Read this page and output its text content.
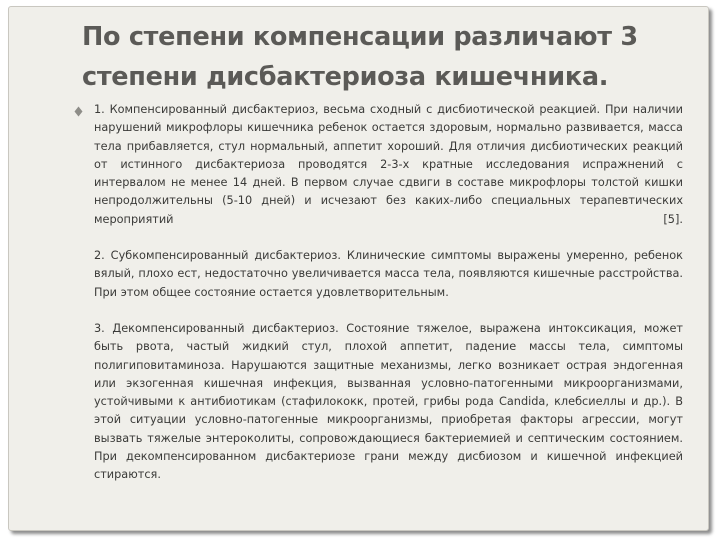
По степени компенсации различают 3 степени дисбактериоза кишечника.

1. Компенсированный дисбактериоз, весьма сходный с дисбиотической реакцией. При наличии нарушений микрофлоры кишечника ребенок остается здоровым, нормально развивается, масса тела прибавляется, стул нормальный, аппетит хороший. Для отличия дисбиотических реакций от истинного дисбактериоза проводятся 2-3-х кратные исследования испражнений с интервалом не менее 14 дней. В первом случае сдвиги в составе микрофлоры толстой кишки непродолжительны (5-10 дней) и исчезают без каких-либо специальных терапевтических мероприятий [5].

2. Субкомпенсированный дисбактериоз. Клинические симптомы выражены умеренно, ребенок вялый, плохо ест, недостаточно увеличивается масса тела, появляются кишечные расстройства. При этом общее состояние остается удовлетворительным.

3. Декомпенсированный дисбактериоз. Состояние тяжелое, выражена интоксикация, может быть рвота, частый жидкий стул, плохой аппетит, падение массы тела, симптомы полигиповитаминоза. Нарушаются защитные механизмы, легко возникает острая эндогенная или экзогенная кишечная инфекция, вызванная условно-патогенными микроорганизмами, устойчивыми к антибиотикам (стафилококк, протей, грибы рода Candida, клебсиеллы и др.). В этой ситуации условно-патогенные микроорганизмы, приобретая факторы агрессии, могут вызвать тяжелые энтероколиты, сопровождающиеся бактериемией и септическим состоянием. При декомпенсированном дисбактериозе грани между дисбиозом и кишечной инфекцией стираются.
